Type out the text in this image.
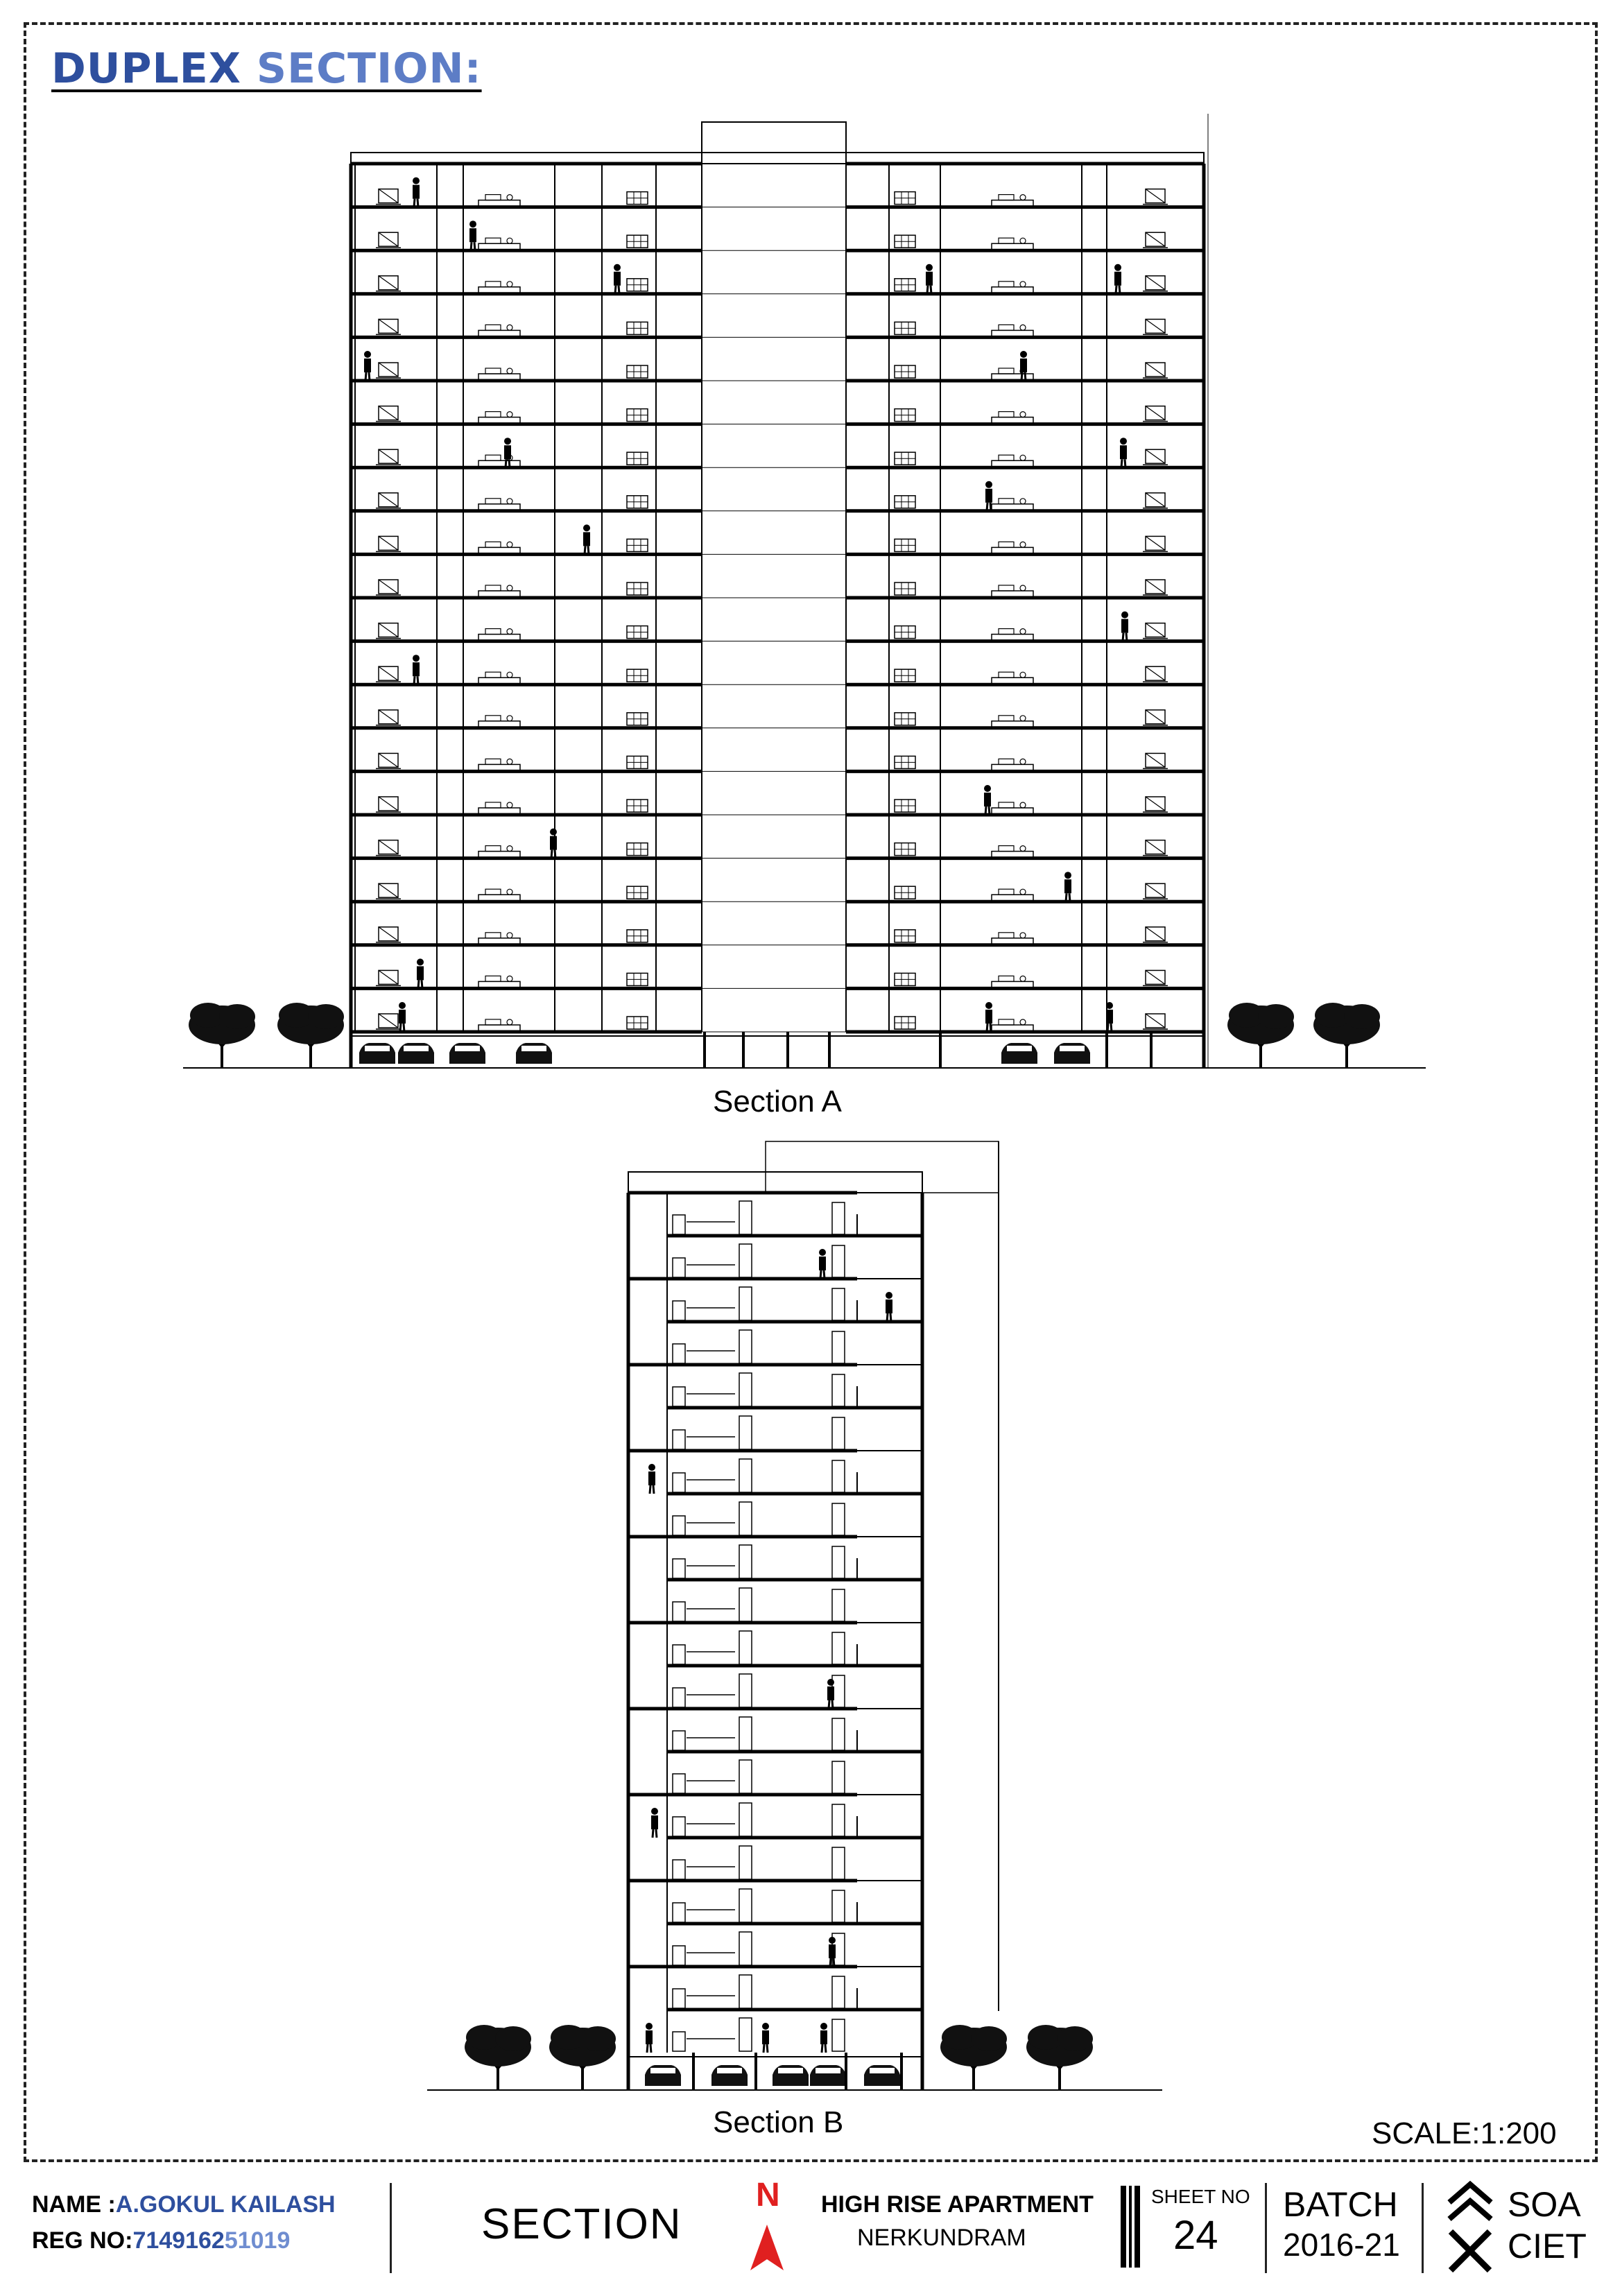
DUPLEX SECTION:
Section A
Section B	SCALE:1:200
NAME :A.GOKUL KAILASH
REG NO:714916251019	SECTION
N HIGH RISE APARTMENT
NERKUNDRAM
SHEET NO
24
BATCH
2016-21
SOA
CIET
